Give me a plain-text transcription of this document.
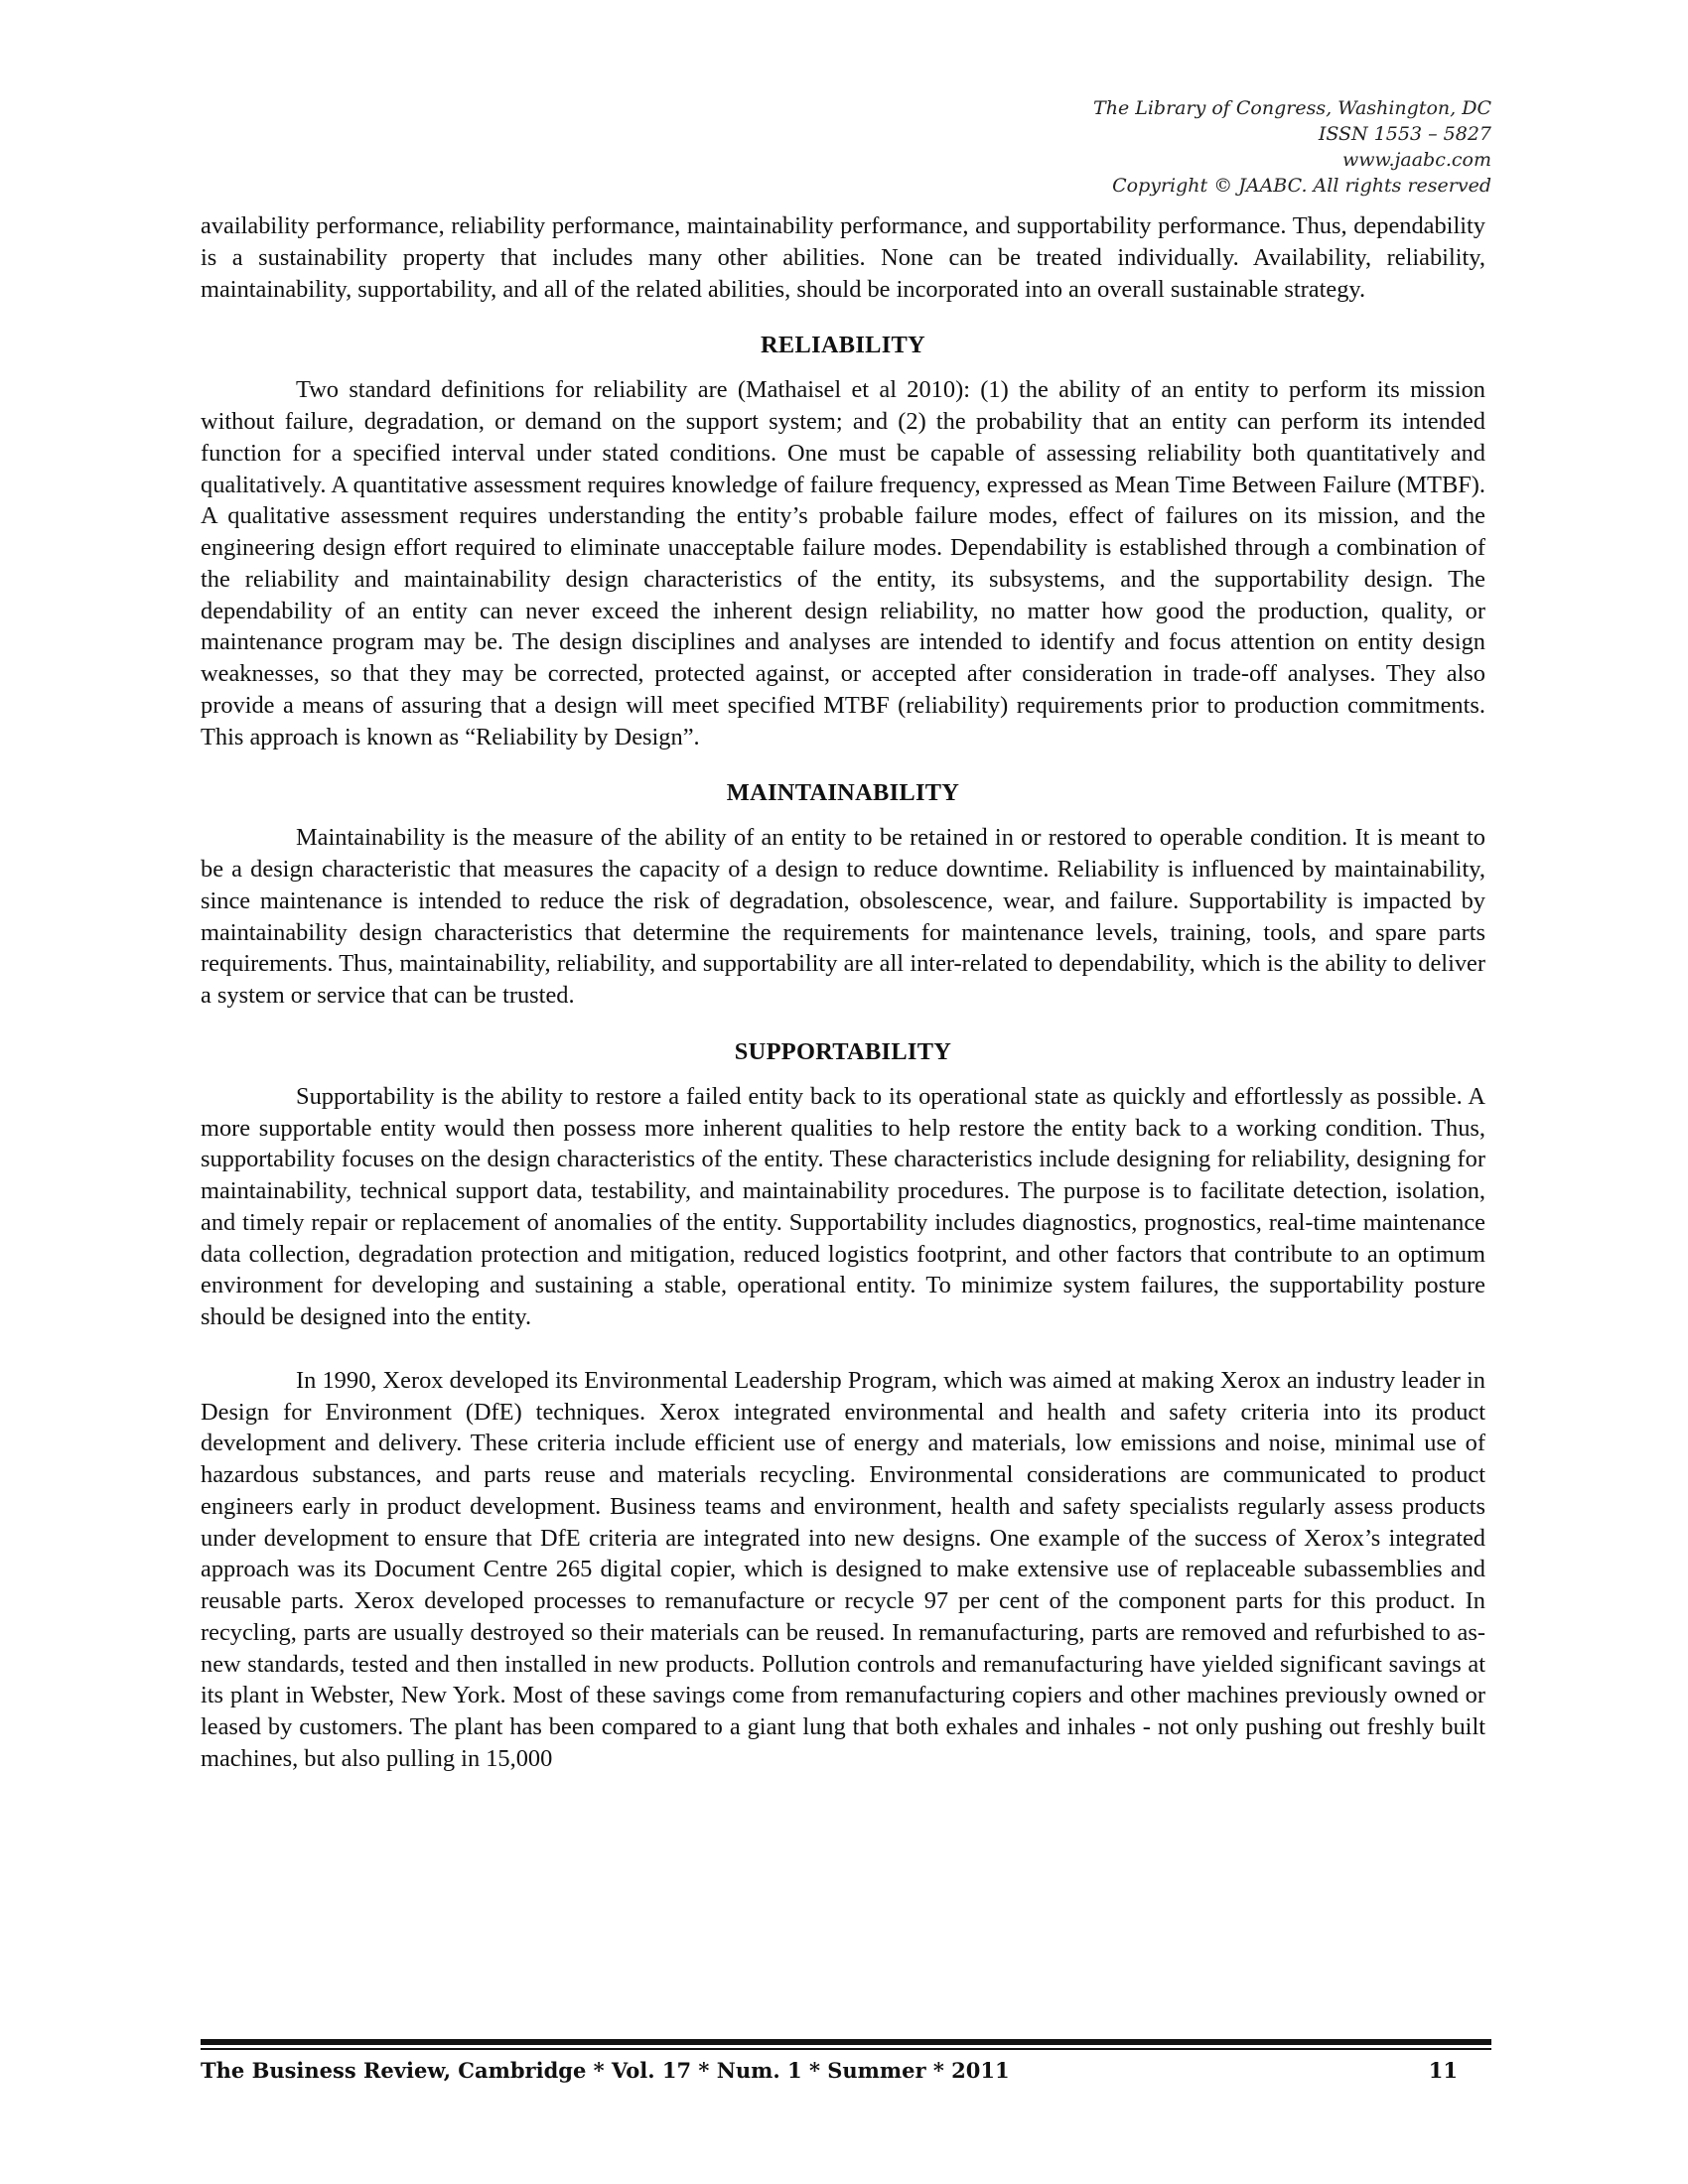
The Library of Congress, Washington, DC
ISSN 1553 – 5827
www.jaabc.com
Copyright © JAABC. All rights reserved

availability performance, reliability performance, maintainability performance, and supportability performance. Thus, dependability is a sustainability property that includes many other abilities. None can be treated individually. Availability, reliability, maintainability, supportability, and all of the related abilities, should be incorporated into an overall sustainable strategy.

RELIABILITY

Two standard definitions for reliability are (Mathaisel et al 2010): (1) the ability of an entity to perform its mission without failure, degradation, or demand on the support system; and (2) the probability that an entity can perform its intended function for a specified interval under stated conditions. One must be capable of assessing reliability both quantitatively and qualitatively. A quantitative assessment requires knowledge of failure frequency, expressed as Mean Time Between Failure (MTBF). A qualitative assessment requires understanding the entity’s probable failure modes, effect of failures on its mission, and the engineering design effort required to eliminate unacceptable failure modes. Dependability is established through a combination of the reliability and maintainability design characteristics of the entity, its subsystems, and the supportability design. The dependability of an entity can never exceed the inherent design reliability, no matter how good the production, quality, or maintenance program may be. The design disciplines and analyses are intended to identify and focus attention on entity design weaknesses, so that they may be corrected, protected against, or accepted after consideration in trade-off analyses. They also provide a means of assuring that a design will meet specified MTBF (reliability) requirements prior to production commitments. This approach is known as “Reliability by Design”.

MAINTAINABILITY

Maintainability is the measure of the ability of an entity to be retained in or restored to operable condition. It is meant to be a design characteristic that measures the capacity of a design to reduce downtime. Reliability is influenced by maintainability, since maintenance is intended to reduce the risk of degradation, obsolescence, wear, and failure. Supportability is impacted by maintainability design characteristics that determine the requirements for maintenance levels, training, tools, and spare parts requirements. Thus, maintainability, reliability, and supportability are all inter-related to dependability, which is the ability to deliver a system or service that can be trusted.

SUPPORTABILITY

Supportability is the ability to restore a failed entity back to its operational state as quickly and effortlessly as possible. A more supportable entity would then possess more inherent qualities to help restore the entity back to a working condition. Thus, supportability focuses on the design characteristics of the entity. These characteristics include designing for reliability, designing for maintainability, technical support data, testability, and maintainability procedures. The purpose is to facilitate detection, isolation, and timely repair or replacement of anomalies of the entity. Supportability includes diagnostics, prognostics, real-time maintenance data collection, degradation protection and mitigation, reduced logistics footprint, and other factors that contribute to an optimum environment for developing and sustaining a stable, operational entity. To minimize system failures, the supportability posture should be designed into the entity.

In 1990, Xerox developed its Environmental Leadership Program, which was aimed at making Xerox an industry leader in Design for Environment (DfE) techniques. Xerox integrated environmental and health and safety criteria into its product development and delivery. These criteria include efficient use of energy and materials, low emissions and noise, minimal use of hazardous substances, and parts reuse and materials recycling. Environmental considerations are communicated to product engineers early in product development. Business teams and environment, health and safety specialists regularly assess products under development to ensure that DfE criteria are integrated into new designs. One example of the success of Xerox’s integrated approach was its Document Centre 265 digital copier, which is designed to make extensive use of replaceable subassemblies and reusable parts. Xerox developed processes to remanufacture or recycle 97 per cent of the component parts for this product. In recycling, parts are usually destroyed so their materials can be reused. In remanufacturing, parts are removed and refurbished to as-new standards, tested and then installed in new products. Pollution controls and remanufacturing have yielded significant savings at its plant in Webster, New York. Most of these savings come from remanufacturing copiers and other machines previously owned or leased by customers. The plant has been compared to a giant lung that both exhales and inhales - not only pushing out freshly built machines, but also pulling in 15,000

The Business Review, Cambridge * Vol. 17 * Num. 1 * Summer * 2011	11
